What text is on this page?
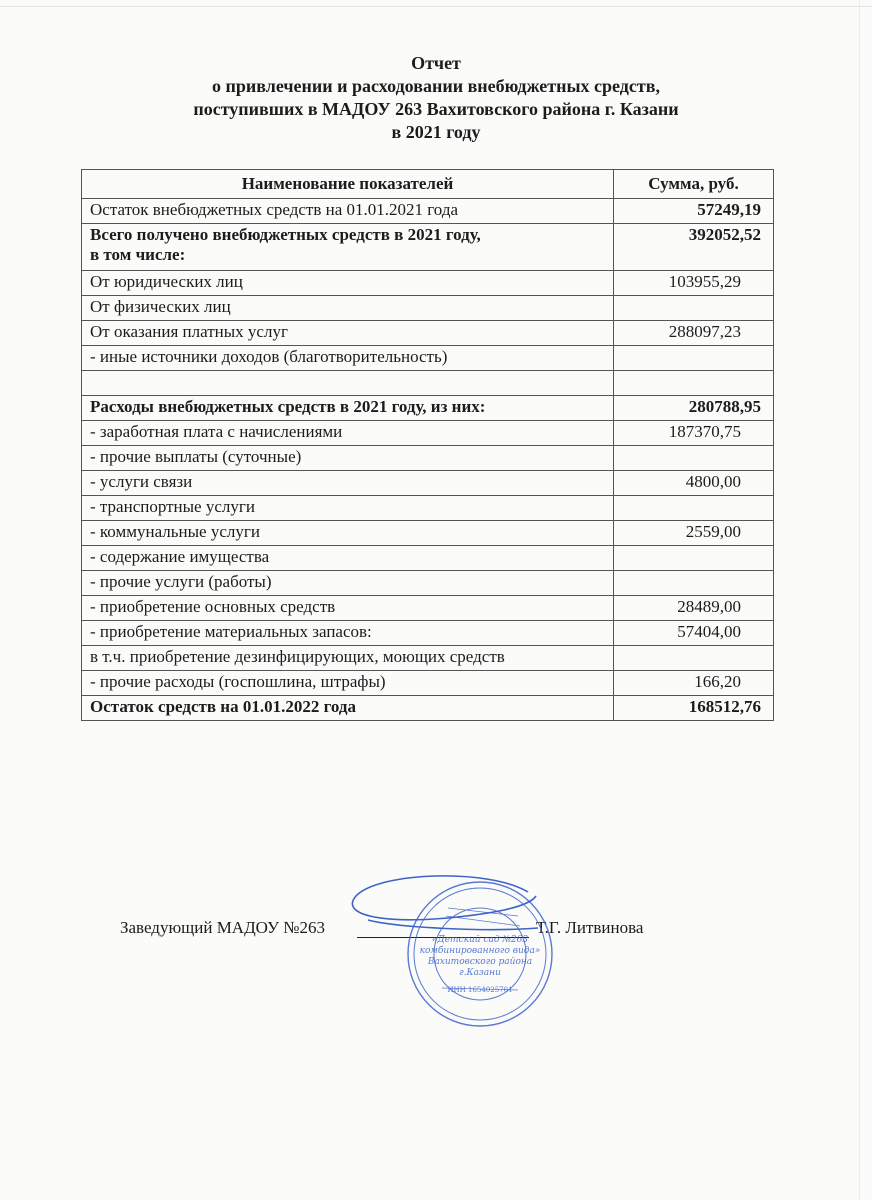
Отчет
о привлечении и расходовании внебюджетных средств,
поступивших в МАДОУ 263 Вахитовского района г. Казани
в 2021 году
Наименование показателей	Сумма, руб.
Остаток внебюджетных средств на 01.01.2021 года	57249,19
Всего получено внебюджетных средств в 2021 году,
в том числе:	392052,52
От юридических лиц	103955,29
От физических лиц	
От оказания платных услуг	288097,23
- иные источники доходов (благотворительность)	

Расходы внебюджетных средств в 2021 году, из них:	280788,95
- заработная плата с начислениями	187370,75
- прочие выплаты (суточные)	
- услуги связи	4800,00
- транспортные услуги	
- коммунальные услуги	2559,00
- содержание имущества	
- прочие услуги (работы)	
- приобретение основных средств	28489,00
- приобретение материальных запасов:	57404,00
в т.ч. приобретение дезинфицирующих, моющих средств	
- прочие расходы (госпошлина, штрафы)	166,20
Остаток средств на 01.01.2022 года	168512,76
Заведующий МАДОУ №263	Т.Г. Литвинова
«Детский сад №263
комбинированного вида»
Вахитовского района
г.Казани
ИНН 1654025701
